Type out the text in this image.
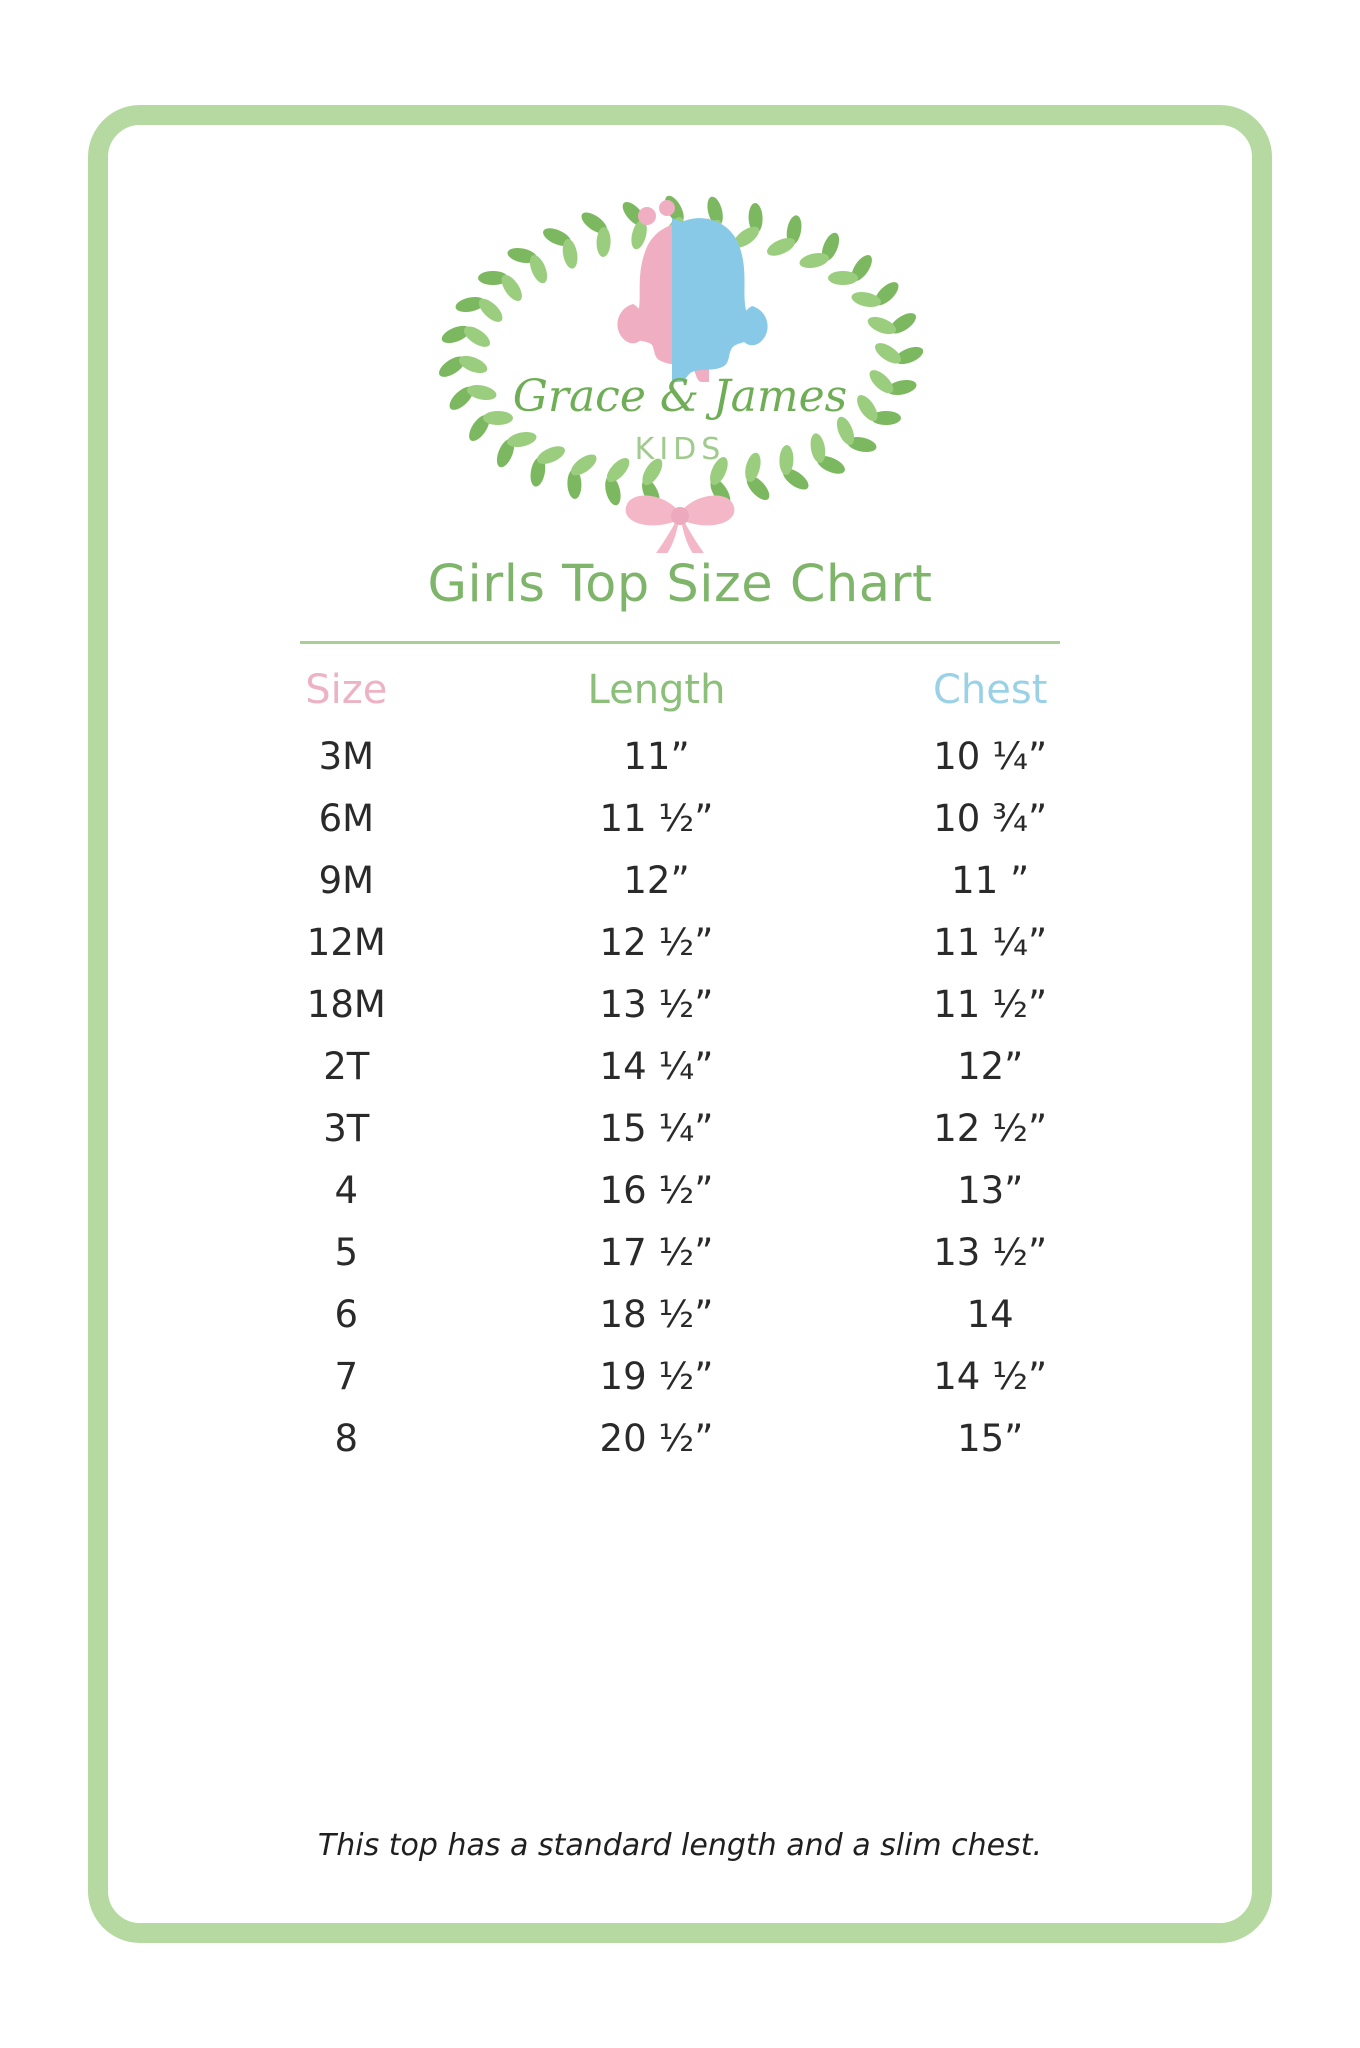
Grace & James
KIDS
Girls Top Size Chart
Size	Length	Chest
3M	11”	10 ¼”
6M	11 ½”	10 ¾”
9M	12”	11 ”
12M	12 ½”	11 ¼”
18M	13 ½”	11 ½”
2T	14 ¼”	12”
3T	15 ¼”	12 ½”
4	16 ½”	13”
5	17 ½”	13 ½”
6	18 ½”	14
7	19 ½”	14 ½”
8	20 ½”	15”
This top has a standard length and a slim chest.
